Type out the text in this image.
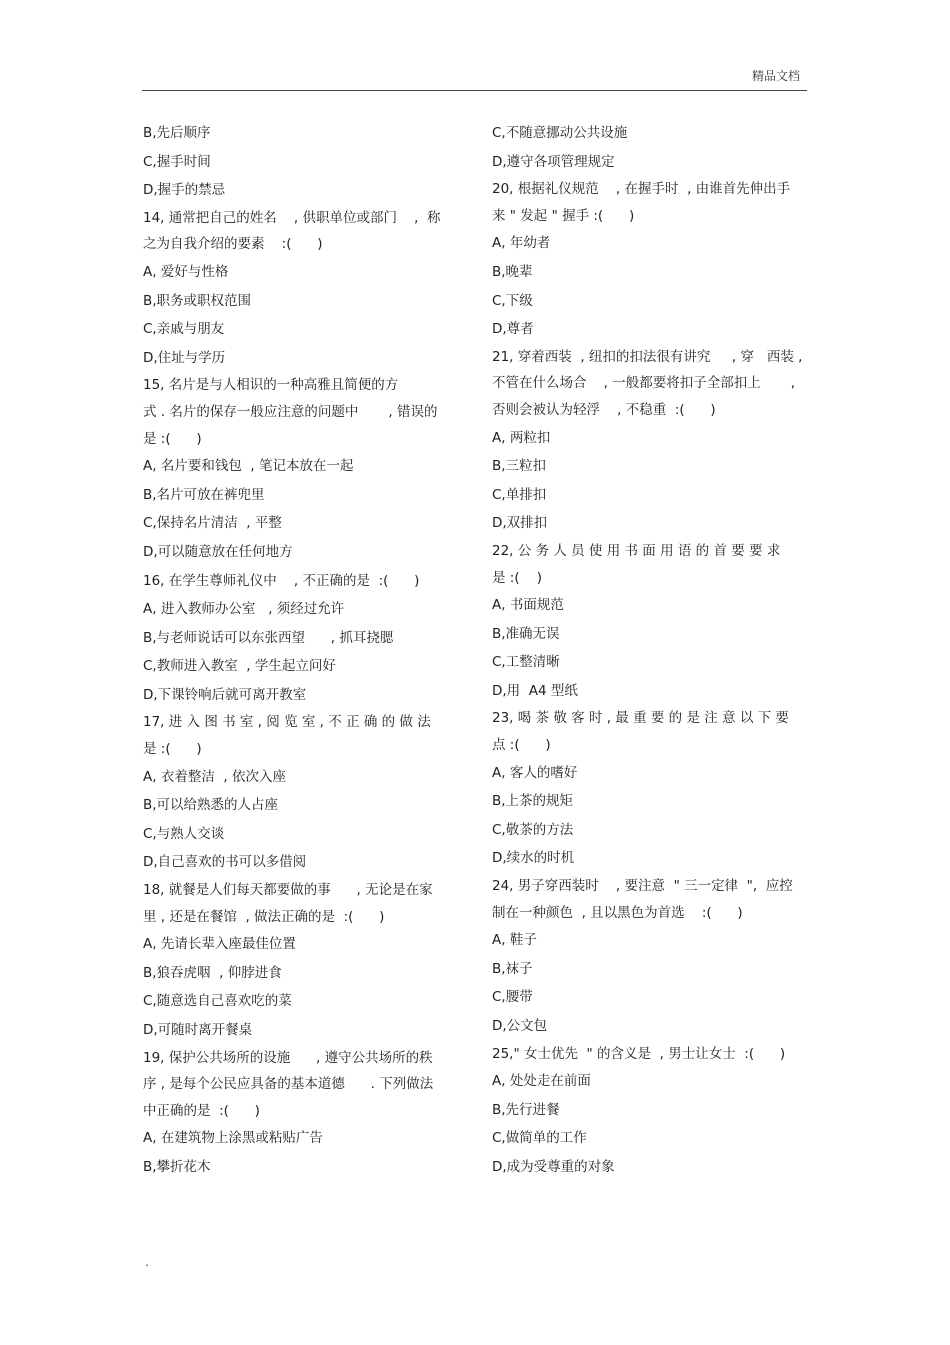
精品文档
B,先后顺序
C,握手时间
D,握手的禁忌
14, 通常把自己的姓名    , 供职单位或部门    ,  称
之为自我介绍的要素    :(      )
A, 爱好与性格
B,职务或职权范围
C,亲戚与朋友
D,住址与学历
15, 名片是与人相识的一种高雅且简便的方
式 . 名片的保存一般应注意的问题中       , 错误的
是 :(      )
A, 名片要和钱包  , 笔记本放在一起
B,名片可放在裤兜里
C,保持名片清洁  , 平整
D,可以随意放在任何地方
16, 在学生尊师礼仪中    , 不正确的是  :(      )
A, 进入教师办公室   , 须经过允许
B,与老师说话可以东张西望      , 抓耳挠腮
C,教师进入教室  , 学生起立问好
D,下课铃响后就可离开教室
17, 进 入 图 书 室 , 阅 览 室 , 不 正 确 的 做 法
是 :(      )
A, 衣着整洁  , 依次入座
B,可以给熟悉的人占座
C,与熟人交谈
D,自己喜欢的书可以多借阅
18, 就餐是人们每天都要做的事      , 无论是在家
里 , 还是在餐馆  , 做法正确的是  :(      )
A, 先请长辈入座最佳位置
B,狼吞虎咽  , 仰脖进食
C,随意选自己喜欢吃的菜
D,可随时离开餐桌
19, 保护公共场所的设施      , 遵守公共场所的秩
序 , 是每个公民应具备的基本道德      . 下列做法
中正确的是  :(      )
A, 在建筑物上涂黑或粘贴广告
B,攀折花木
C,不随意挪动公共设施
D,遵守各项管理规定
20, 根据礼仪规范    , 在握手时  , 由谁首先伸出手
来 " 发起 " 握手 :(      )
A, 年幼者
B,晚辈
C,下级
D,尊者
21, 穿着西装  , 纽扣的扣法很有讲究     , 穿   西装 ,
不管在什么场合    , 一般都要将扣子全部扣上       ,
否则会被认为轻浮    , 不稳重  :(      )
A, 两粒扣
B,三粒扣
C,单排扣
D,双排扣
22, 公 务 人 员 使 用 书 面 用 语 的 首 要 要 求
是 :(    )
A, 书面规范
B,准确无误
C,工整清晰
D,用  A4 型纸
23, 喝 茶 敬 客 时 , 最 重 要 的 是 注 意 以 下 要
点 :(      )
A, 客人的嗜好
B,上茶的规矩
C,敬茶的方法
D,续水的时机
24, 男子穿西装时    , 要注意  " 三一定律  ",  应控
制在一种颜色  , 且以黑色为首选    :(      )
A, 鞋子
B,袜子
C,腰带
D,公文包
25," 女士优先  " 的含义是  , 男士让女士  :(      )
A, 处处走在前面
B,先行进餐
C,做简单的工作
D,成为受尊重的对象
.
